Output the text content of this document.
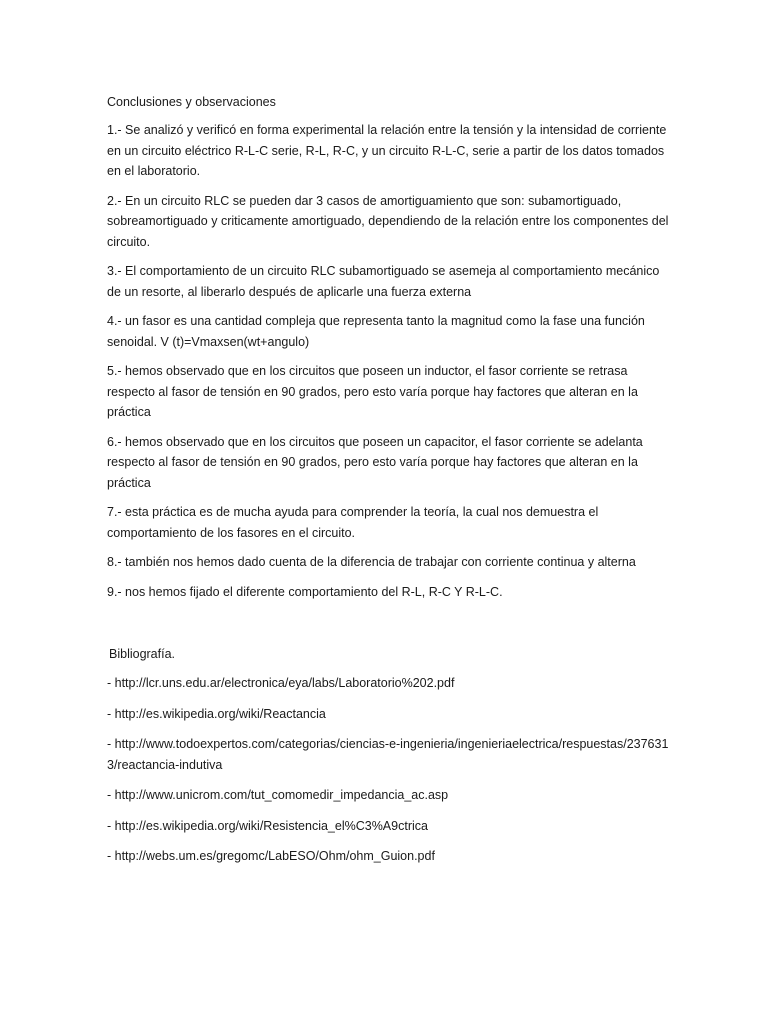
Conclusiones y observaciones

1.- Se analizó y verificó en forma experimental la relación entre la tensión y la intensidad de corriente en un circuito eléctrico R-L-C serie, R-L, R-C, y un circuito R-L-C, serie a partir de los datos tomados en el laboratorio.

2.- En un circuito RLC se pueden dar 3 casos de amortiguamiento que son: subamortiguado, sobreamortiguado y criticamente amortiguado, dependiendo de la relación entre los componentes del circuito.

3.- El comportamiento de un circuito RLC subamortiguado se asemeja al comportamiento mecánico de un resorte, al liberarlo después de aplicarle una fuerza externa

4.- un fasor es una cantidad compleja que representa tanto la magnitud como la fase una función senoidal. V (t)=Vmaxsen(wt+angulo)

5.- hemos observado que en los circuitos que poseen un inductor, el fasor corriente se retrasa respecto al fasor de tensión en 90 grados, pero esto varía porque hay factores que alteran en la práctica

6.- hemos observado que en los circuitos que poseen un capacitor, el fasor corriente se adelanta respecto al fasor de tensión en 90 grados, pero esto varía porque hay factores que alteran en la práctica

7.- esta práctica es de mucha ayuda para comprender la teoría, la cual nos demuestra el comportamiento de los fasores en el circuito.

8.- también nos hemos dado cuenta de la diferencia de trabajar con corriente continua y alterna

9.- nos hemos fijado el diferente comportamiento del R-L, R-C Y R-L-C.

Bibliografía.

- http://lcr.uns.edu.ar/electronica/eya/labs/Laboratorio%202.pdf

- http://es.wikipedia.org/wiki/Reactancia

- http://www.todoexpertos.com/categorias/ciencias-e-ingenieria/ingenieriaelectrica/respuestas/2376313/reactancia-indutiva

- http://www.unicrom.com/tut_comomedir_impedancia_ac.asp

- http://es.wikipedia.org/wiki/Resistencia_el%C3%A9ctrica

- http://webs.um.es/gregomc/LabESO/Ohm/ohm_Guion.pdf
